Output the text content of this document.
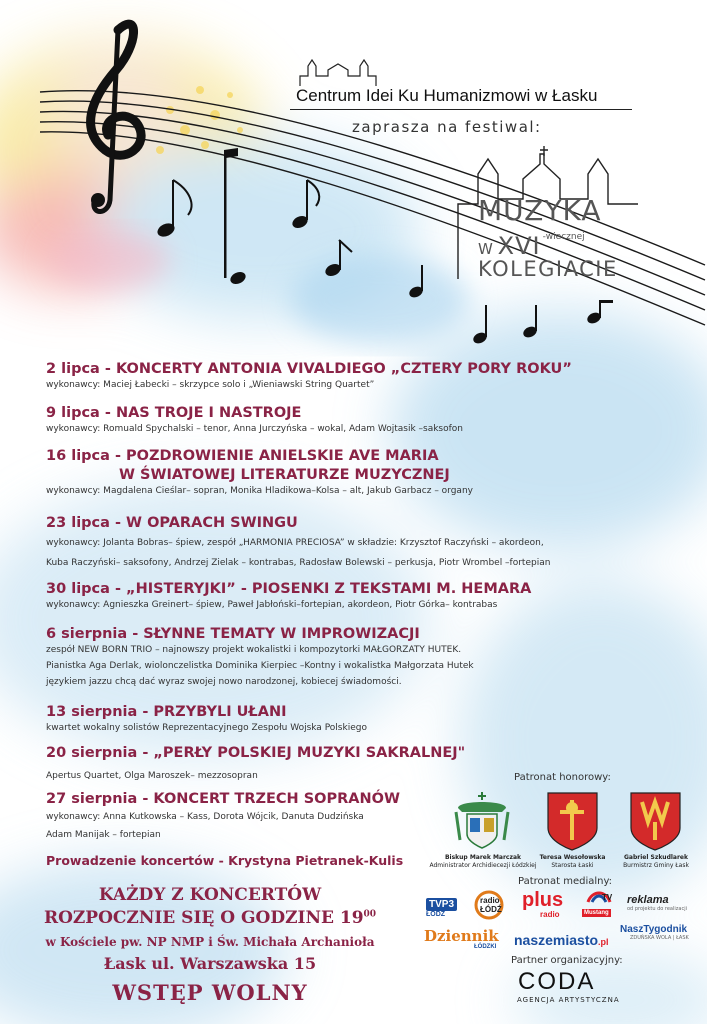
Centrum Idei Ku Humanizmowi w Łasku
zaprasza na festiwal:
MUZYKA
W XVI $^{-wiecznej}$
KOLEGIACIE
2 lipca - KONCERTY ANTONIA VIVALDIEGO „CZTERY PORY ROKU”
wykonawcy: Maciej Łabecki – skrzypce solo i „Wieniawski String Quartet”
9 lipca - NAS TROJE I NASTROJE
wykonawcy: Romuald Spychalski – tenor, Anna Jurczyńska – wokal, Adam Wojtasik –saksofon
16 lipca - POZDROWIENIE ANIELSKIE AVE MARIA
W ŚWIATOWEJ LITERATURZE MUZYCZNEJ
wykonawcy: Magdalena Cieślar– sopran, Monika Hladikowa–Kolsa – alt, Jakub Garbacz – organy
23 lipca - W OPARACH SWINGU
wykonawcy: Jolanta Bobras– śpiew, zespół „HARMONIA PRECIOSA” w składzie: Krzysztof Raczyński – akordeon,
Kuba Raczyński– saksofony, Andrzej Zielak – kontrabas, Radosław Bolewski – perkusja, Piotr Wrombel –fortepian
30 lipca - „HISTERYJKI” - PIOSENKI Z TEKSTAMI M. HEMARA
wykonawcy: Agnieszka Greinert– śpiew, Paweł Jabłoński–fortepian, akordeon, Piotr Górka– kontrabas
6 sierpnia - SŁYNNE TEMATY W IMPROWIZACJI
zespół NEW BORN TRIO – najnowszy projekt wokalistki i kompozytorki MAŁGORZATY HUTEK.
Pianistka Aga Derlak, wiolonczelistka Dominika Kierpiec –Kontny i wokalistka Małgorzata Hutek
językiem jazzu chcą dać wyraz swojej nowo narodzonej, kobiecej świadomości.
13 sierpnia - PRZYBYLI UŁANI
kwartet wokalny solistów Reprezentacyjnego Zespołu Wojska Polskiego
20 sierpnia - „PERŁY POLSKIEJ MUZYKI SAKRALNEJ"
Apertus Quartet, Olga Maroszek– mezzosopran
27 sierpnia - KONCERT TRZECH SOPRANÓW
wykonawcy: Anna Kutkowska – Kass, Dorota Wójcik, Danuta Dudzińska
Adam Manijak – fortepian
Prowadzenie koncertów - Krystyna Pietranek-Kulis
KAŻDY Z KONCERTÓW
ROZPOCZNIE SIĘ O GODZINE $19^{00}$
w Kościele pw. NP NMP i Św. Michała Archanioła
Łask ul. Warszawska 15
WSTĘP WOLNY
Patronat honorowy:
Biskup Marek Marczak
Administrator Archidiecezji Łódzkiej
Teresa Wesołowska
Starosta Łaski
Gabriel Szkudlarek
Burmistrz Gminy Łask
Patronat medialny:
TVP3
ŁÓDŹ
radio
ŁÓDŹ plus
radio
TV
Mustang
reklama
od projektu do realizacji
Dziennik
ŁÓDZKI	naszemiasto.pl
NaszTygodnik
ZDUŃSKA WOLA | ŁASK
Partner organizacyjny:
CODA
AGENCJA ARTYSTYCZNA
